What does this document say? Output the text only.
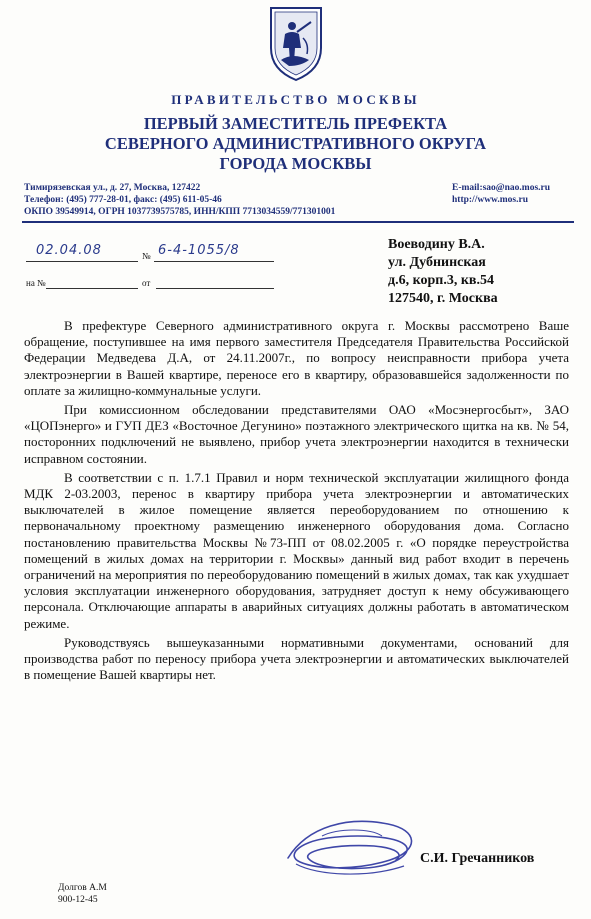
ПРАВИТЕЛЬСТВО МОСКВЫ
ПЕРВЫЙ ЗАМЕСТИТЕЛЬ ПРЕФЕКТА
СЕВЕРНОГО АДМИНИСТРАТИВНОГО ОКРУГА
ГОРОДА МОСКВЫ
Тимирязевская ул., д. 27, Москва, 127422
Телефон: (495) 777-28-01, факс: (495) 611-05-46
ОКПО 39549914, ОГРН 1037739575785, ИНН/КПП 7713034559/771301001
E-mail:sao@nao.mos.ru
http://www.mos.ru
02.04.08	№ 6-4-1055/8
на №	от
Воеводину В.А.
ул. Дубнинская
д.6, корп.3, кв.54
127540, г. Москва

В префектуре Северного административного округа г. Москвы рассмотрено Ваше обращение, поступившее на имя первого заместителя Председателя Правительства Российской Федерации Медведева Д.А, от 24.11.2007г., по вопросу неисправности прибора учета электроэнергии в Вашей квартире, переносе его в квартиру, образовавшейся задолженности по оплате за жилищно-коммунальные услуги.

При комиссионном обследовании представителями ОАО «Мосэнергосбыт», ЗАО «ЦОПэнерго» и ГУП ДЕЗ «Восточное Дегунино» поэтажного электрического щитка на кв. № 54, посторонних подключений не выявлено, прибор учета электроэнергии находится в технически исправном состоянии.

В соответствии с п. 1.7.1 Правил и норм технической эксплуатации жилищного фонда МДК 2-03.2003, перенос в квартиру прибора учета электроэнергии и автоматических выключателей в жилое помещение является переоборудованием по отношению к первоначальному проектному размещению инженерного оборудования дома. Согласно постановлению правительства Москвы №73-ПП от 08.02.2005 г. «О порядке переустройства помещений в жилых домах на территории г. Москвы» данный вид работ входит в перечень ограничений на мероприятия по переоборудованию помещений в жилых домах, так как ухудшает условия эксплуатации инженерного оборудования, затрудняет доступ к нему обсуживающего персонала. Отключающие аппараты в аварийных ситуациях должны работать в автоматическом режиме.

Руководствуясь вышеуказанными нормативными документами, оснований для производства работ по переносу прибора учета электроэнергии и автоматических выключателей в помещение Вашей квартиры нет.

С.И. Гречанников
Долгов А.М
900-12-45
